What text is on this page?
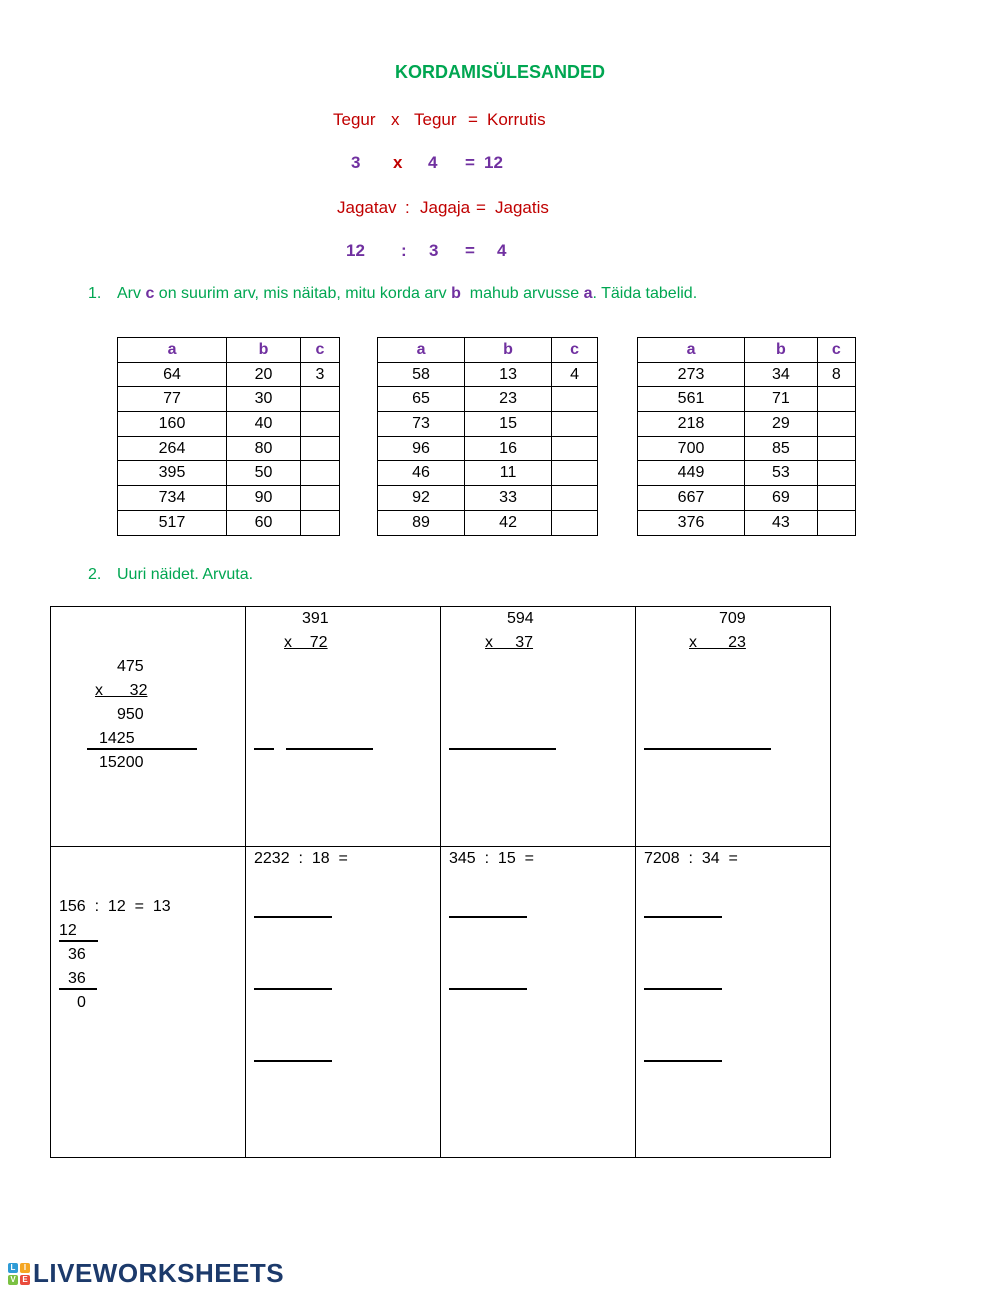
KORDAMISÜLESANDED
Tegur x Tegur = Korrutis
3 x 4 = 12
Jagatav : Jagaja = Jagatis
12 : 3 = 4
1. Arv c on suurim arv, mis näitab, mitu korda arv b  mahub arvusse a. Täida tabelid.
a	b	c
64	20	3
77	30	
160	40	
264	80	
395	50	
734	90	
517	60	
a	b	c
58	13	4
65	23	
73	15	
96	16	
46	11	
92	33	
89	42	
a	b	c
273	34	8
561	71	
218	29	
700	85	
449	53	
667	69	
376	43	
2. Uuri näidet. Arvuta.
475
x      32
950
1425
15200
391
x    72
594
x     37
709
x       23
156  :  12  =  13
12
36
36
0
2232  :  18  =	345  :  15  =	7208  :  34  =
L	I
V E LIVEWORKSHEETS
